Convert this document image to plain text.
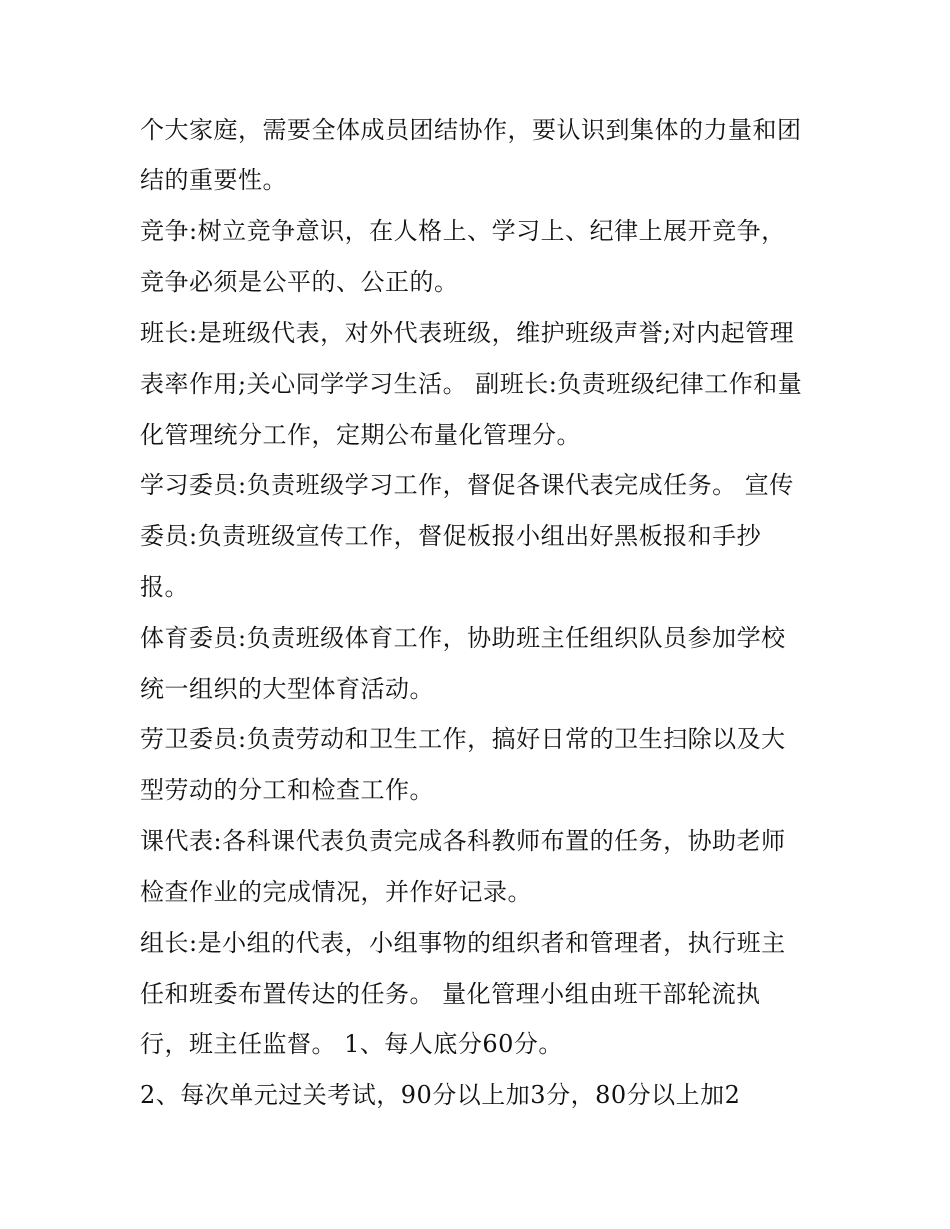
个大家庭，需要全体成员团结协作，要认识到集体的力量和团
结的重要性。
竞争:树立竞争意识，在人格上、学习上、纪律上展开竞争，
竞争必须是公平的、公正的。
班长:是班级代表，对外代表班级，维护班级声誉;对内起管理
表率作用;关心同学学习生活。 副班长:负责班级纪律工作和量
化管理统分工作，定期公布量化管理分。
学习委员:负责班级学习工作，督促各课代表完成任务。 宣传
委员:负责班级宣传工作，督促板报小组出好黑板报和手抄
报。
体育委员:负责班级体育工作，协助班主任组织队员参加学校
统一组织的大型体育活动。
劳卫委员:负责劳动和卫生工作，搞好日常的卫生扫除以及大
型劳动的分工和检查工作。
课代表:各科课代表负责完成各科教师布置的任务，协助老师
检查作业的完成情况，并作好记录。
组长:是小组的代表，小组事物的组织者和管理者，执行班主
任和班委布置传达的任务。 量化管理小组由班干部轮流执
行，班主任监督。 1、每人底分60分。
2、每次单元过关考试，90分以上加3分，80分以上加2
